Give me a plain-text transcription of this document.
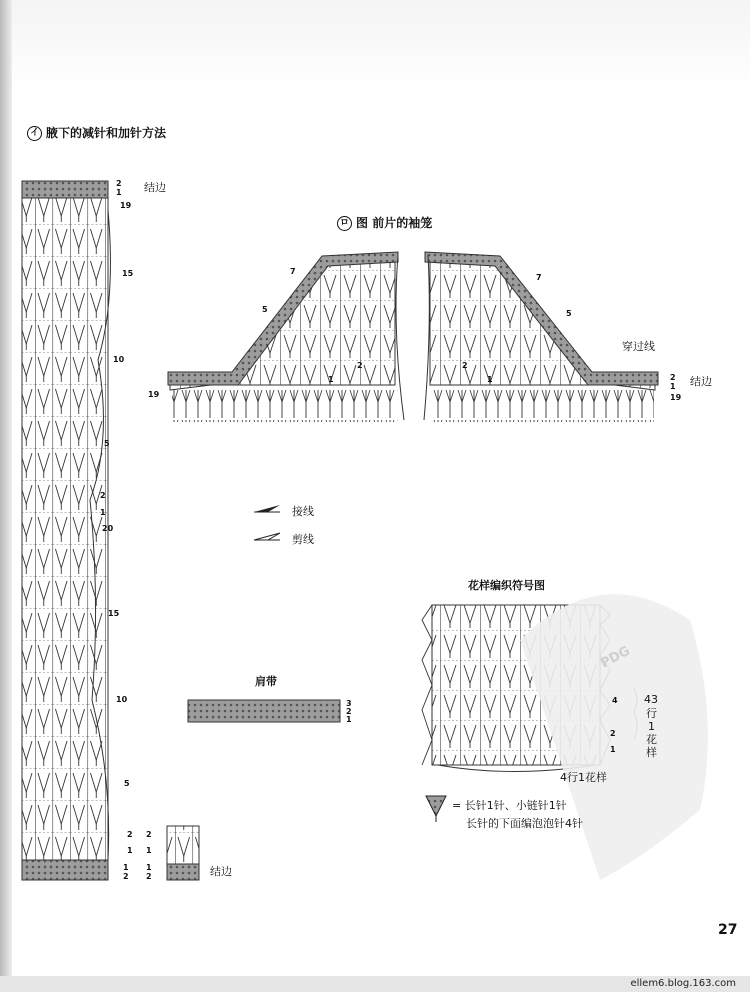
イ 腋下的减针和加针方法
2
1 结边
19
15
10
5
2
1
20
15
10
5
2
1
1
2
2
1
1
2	结边
ロ 图 前片的袖笼
7
5
2
1
19
7
5
2
1	2
1
19
穿过线
结边
接线
剪线
肩带
3
2
1
花样编织符号图
4
2
1
43
行
1
花
样
4行1花样
= 长针1针、小链针1针
长针的下面编泡泡针4针
PDG
27
ellem6.blog.163.com
